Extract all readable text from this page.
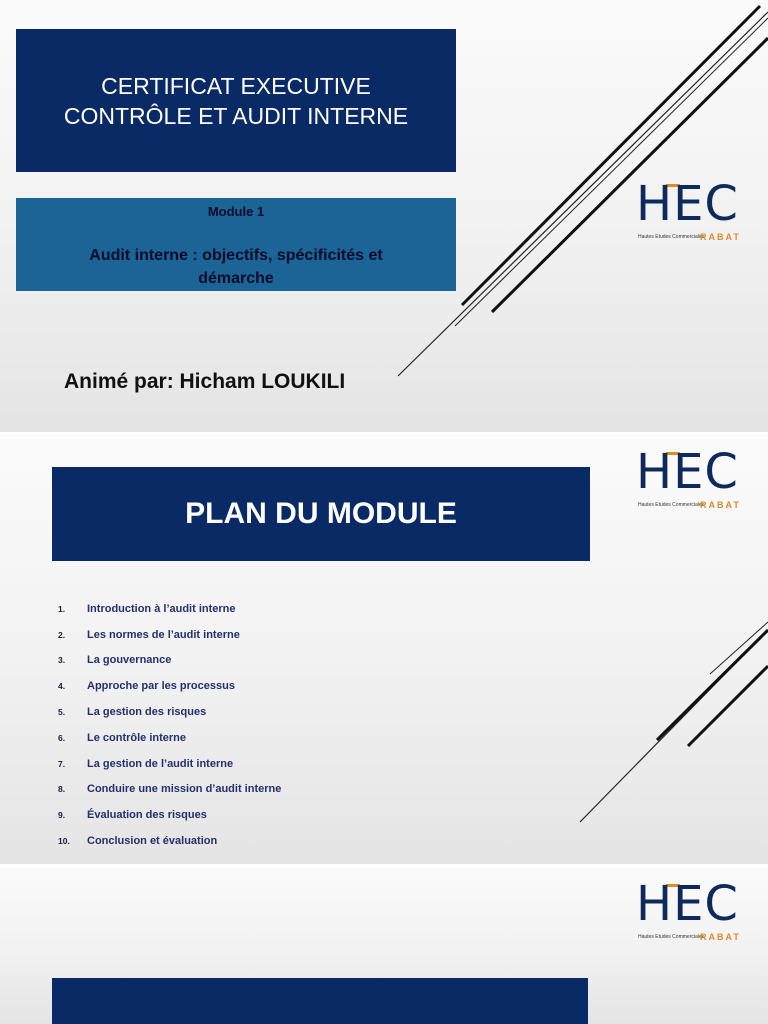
CERTIFICAT EXECUTIVE
CONTRÔLE ET AUDIT INTERNE
Module 1
Audit interne : objectifs, spécificités et
démarche
Animé par: Hicham LOUKILI
HEC
Hautes Etudes Commerciales
RABAT
PLAN DU MODULE
1.	Introduction à l’audit interne
2.	Les normes de l’audit interne
3.	La gouvernance
4.	Approche par les processus
5.	La gestion des risques
6.	Le contrôle interne
7.	La gestion de l’audit interne
8.	Conduire une mission d’audit interne
9.	Évaluation des risques
10.	Conclusion et évaluation
HEC
Hautes Etudes Commerciales
RABAT
HEC
Hautes Etudes Commerciales
RABAT
